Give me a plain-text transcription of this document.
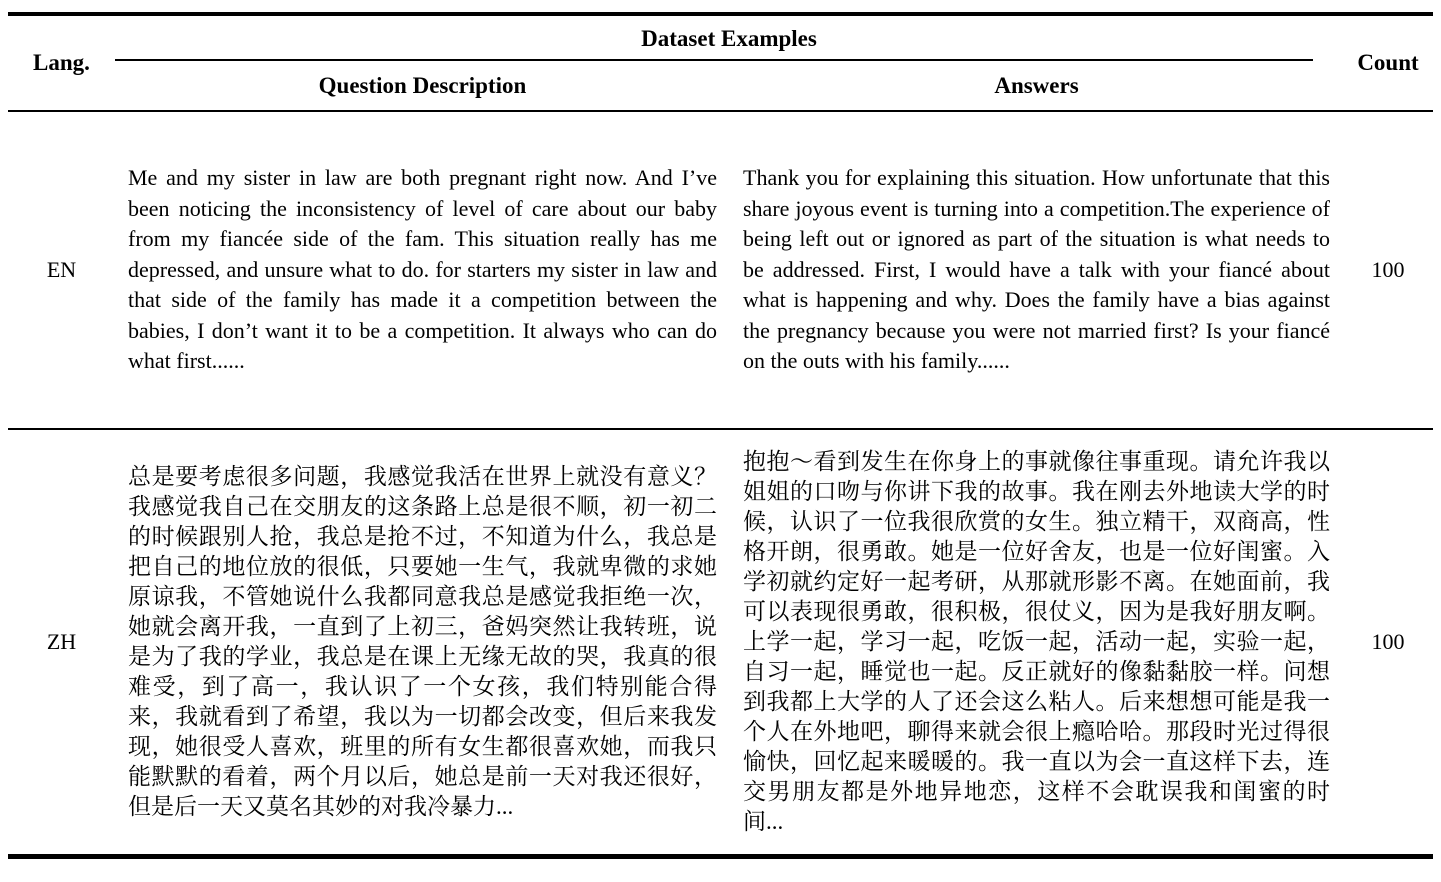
Lang.	Dataset Examples		Count
	Question Description	Answers	
EN	Me and my sister in law are both pregnant right now. And I’ve been noticing the inconsistency of level of care about our baby from my fiancée side of the fam. This situation really has me depressed, and unsure what to do. for starters my sister in law and that side of the family has made it a competition between the babies, I don’t want it to be a competition. It always who can do what first......	Thank you for explaining this situation. How unfortunate that this share joyous event is turning into a competition.The experience of being left out or ignored as part of the situation is what needs to be addressed. First, I would have a talk with your fiancé about what is happening and why. Does the family have a bias against the pregnancy because you were not married first? Is your fiancé on the outs with his family......	100
ZH	总是要考虑很多问题，我感觉我活在世界上就没有意义？我感觉我自己在交朋友的这条路上总是很不顺，初一初二的时候跟别人抢，我总是抢不过，不知道为什么，我总是把自己的地位放的很低，只要她一生气，我就卑微的求她原谅我，不管她说什么我都同意我总是感觉我拒绝一次，她就会离开我，一直到了上初三，爸妈突然让我转班，说是为了我的学业，我总是在课上无缘无故的哭，我真的很难受，到了高一，我认识了一个女孩，我们特别能合得来，我就看到了希望，我以为一切都会改变，但后来我发现，她很受人喜欢，班里的所有女生都很喜欢她，而我只能默默的看着，两个月以后，她总是前一天对我还很好，但是后一天又莫名其妙的对我冷暴力...	抱抱～看到发生在你身上的事就像往事重现。请允许我以姐姐的口吻与你讲下我的故事。我在刚去外地读大学的时候，认识了一位我很欣赏的女生。独立精干，双商高，性格开朗，很勇敢。她是一位好舍友，也是一位好闺蜜。入学初就约定好一起考研，从那就形影不离。在她面前，我可以表现很勇敢，很积极，很仗义，因为是我好朋友啊。上学一起，学习一起，吃饭一起，活动一起，实验一起，自习一起，睡觉也一起。反正就好的像黏黏胶一样。问想到我都上大学的人了还会这么粘人。后来想想可能是我一个人在外地吧，聊得来就会很上瘾哈哈。那段时光过得很愉快，回忆起来暖暖的。我一直以为会一直这样下去，连交男朋友都是外地异地恋，这样不会耽误我和闺蜜的时间...	100
